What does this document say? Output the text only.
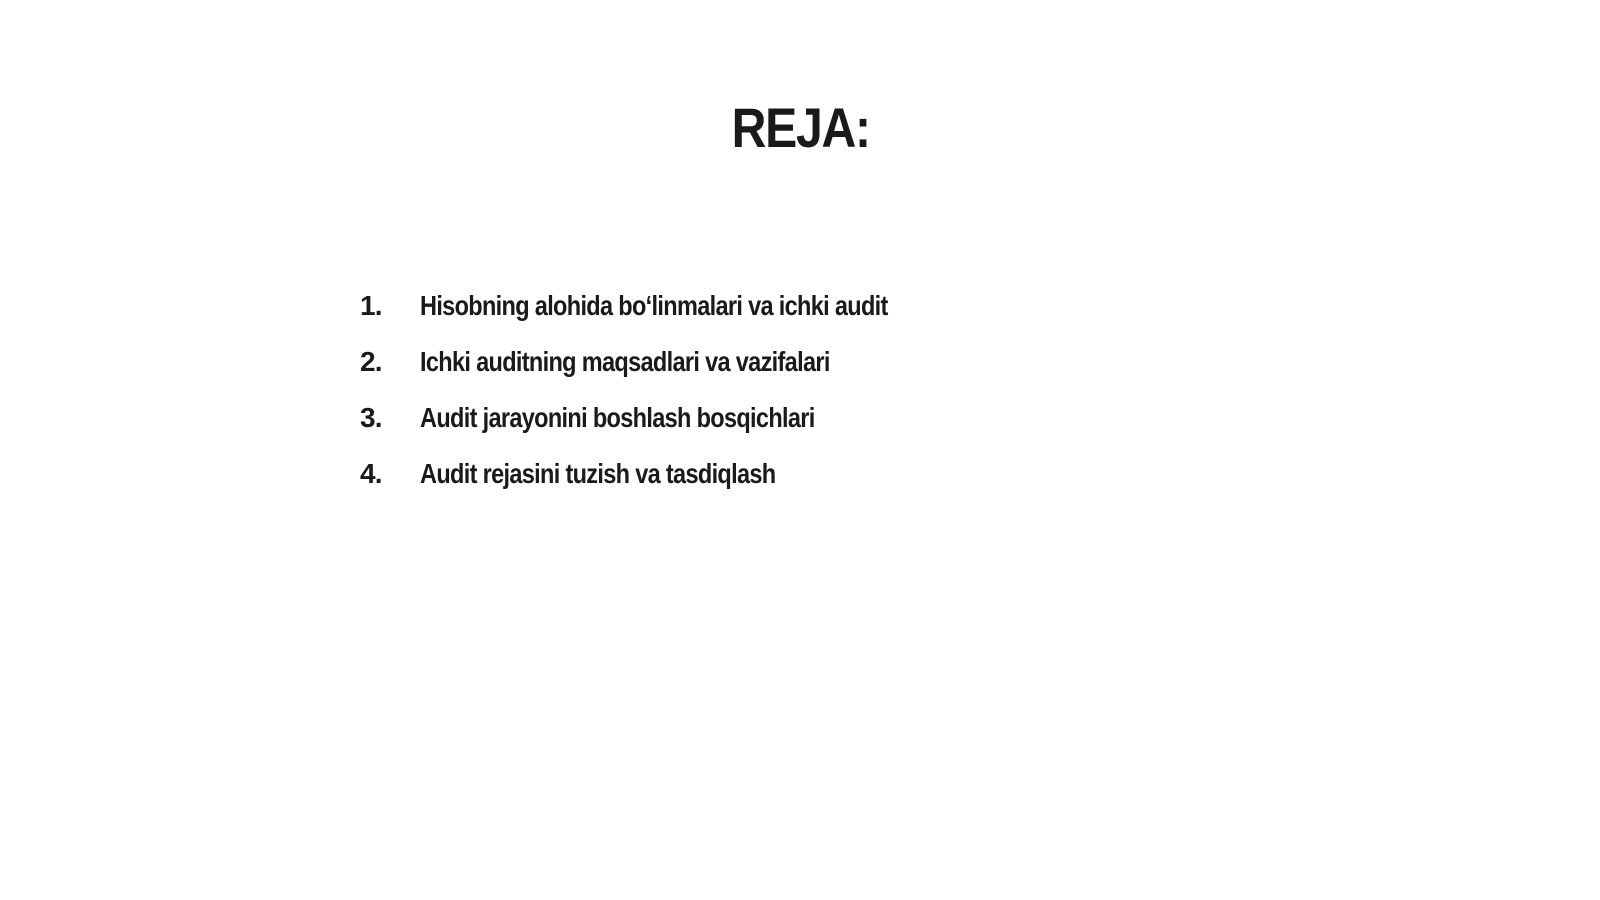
REJA:
1.	Hisobning alohida bo‘linmalari va ichki audit
2.	Ichki auditning maqsadlari va vazifalari
3.	Audit jarayonini boshlash bosqichlari
4.	Audit rejasini tuzish va tasdiqlash
